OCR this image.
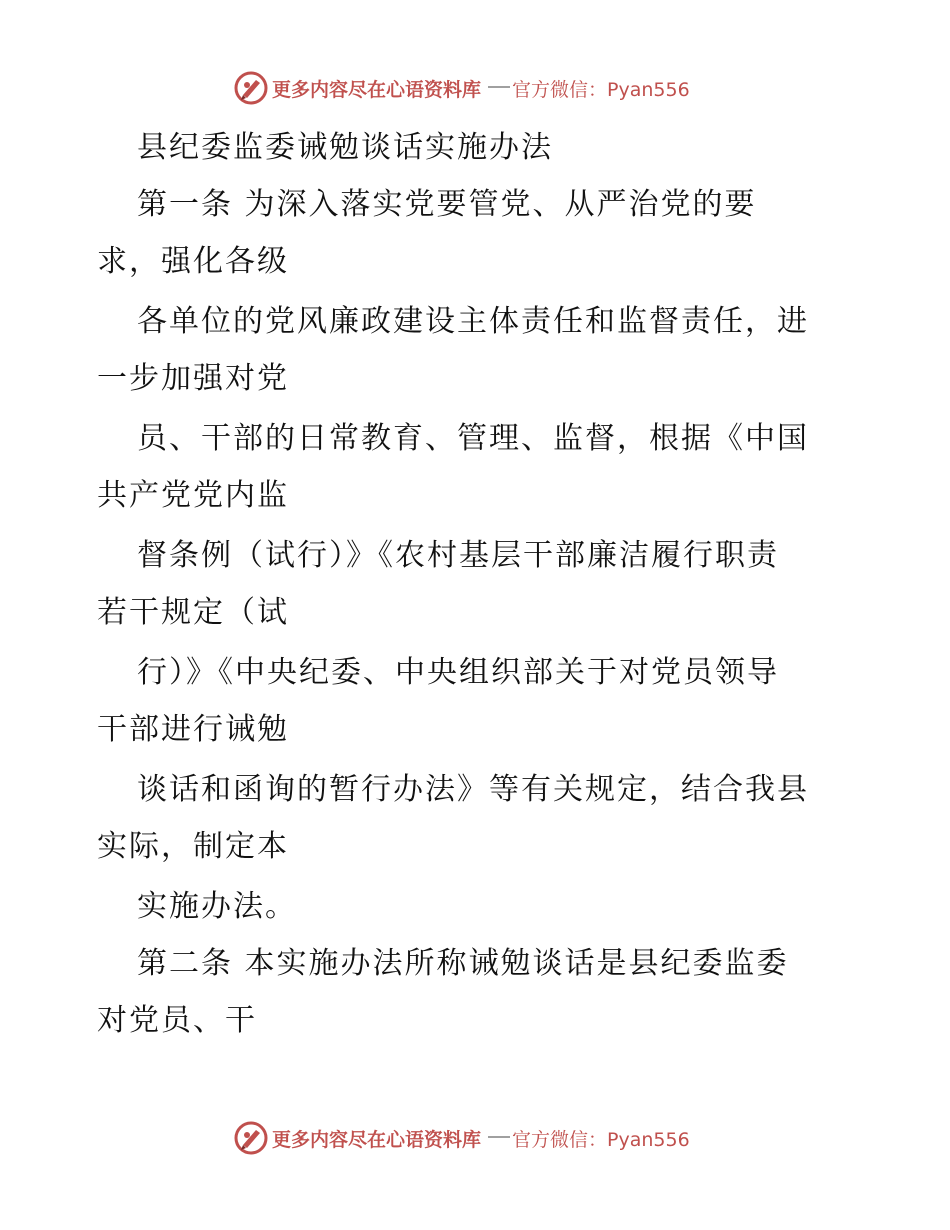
更多内容尽在心语资料库 官方微信：Pyan556
县纪委监委诫勉谈话实施办法
第一条 为深入落实党要管党、从严治党的要
求，强化各级
各单位的党风廉政建设主体责任和监督责任，进
一步加强对党
员、干部的日常教育、管理、监督，根据《中国
共产党党内监
督条例（试行）》《农村基层干部廉洁履行职责
若干规定（试
行）》《中央纪委、中央组织部关于对党员领导
干部进行诫勉
谈话和函询的暂行办法》等有关规定，结合我县
实际，制定本
实施办法。
第二条 本实施办法所称诫勉谈话是县纪委监委
对党员、干
更多内容尽在心语资料库 官方微信：Pyan556
